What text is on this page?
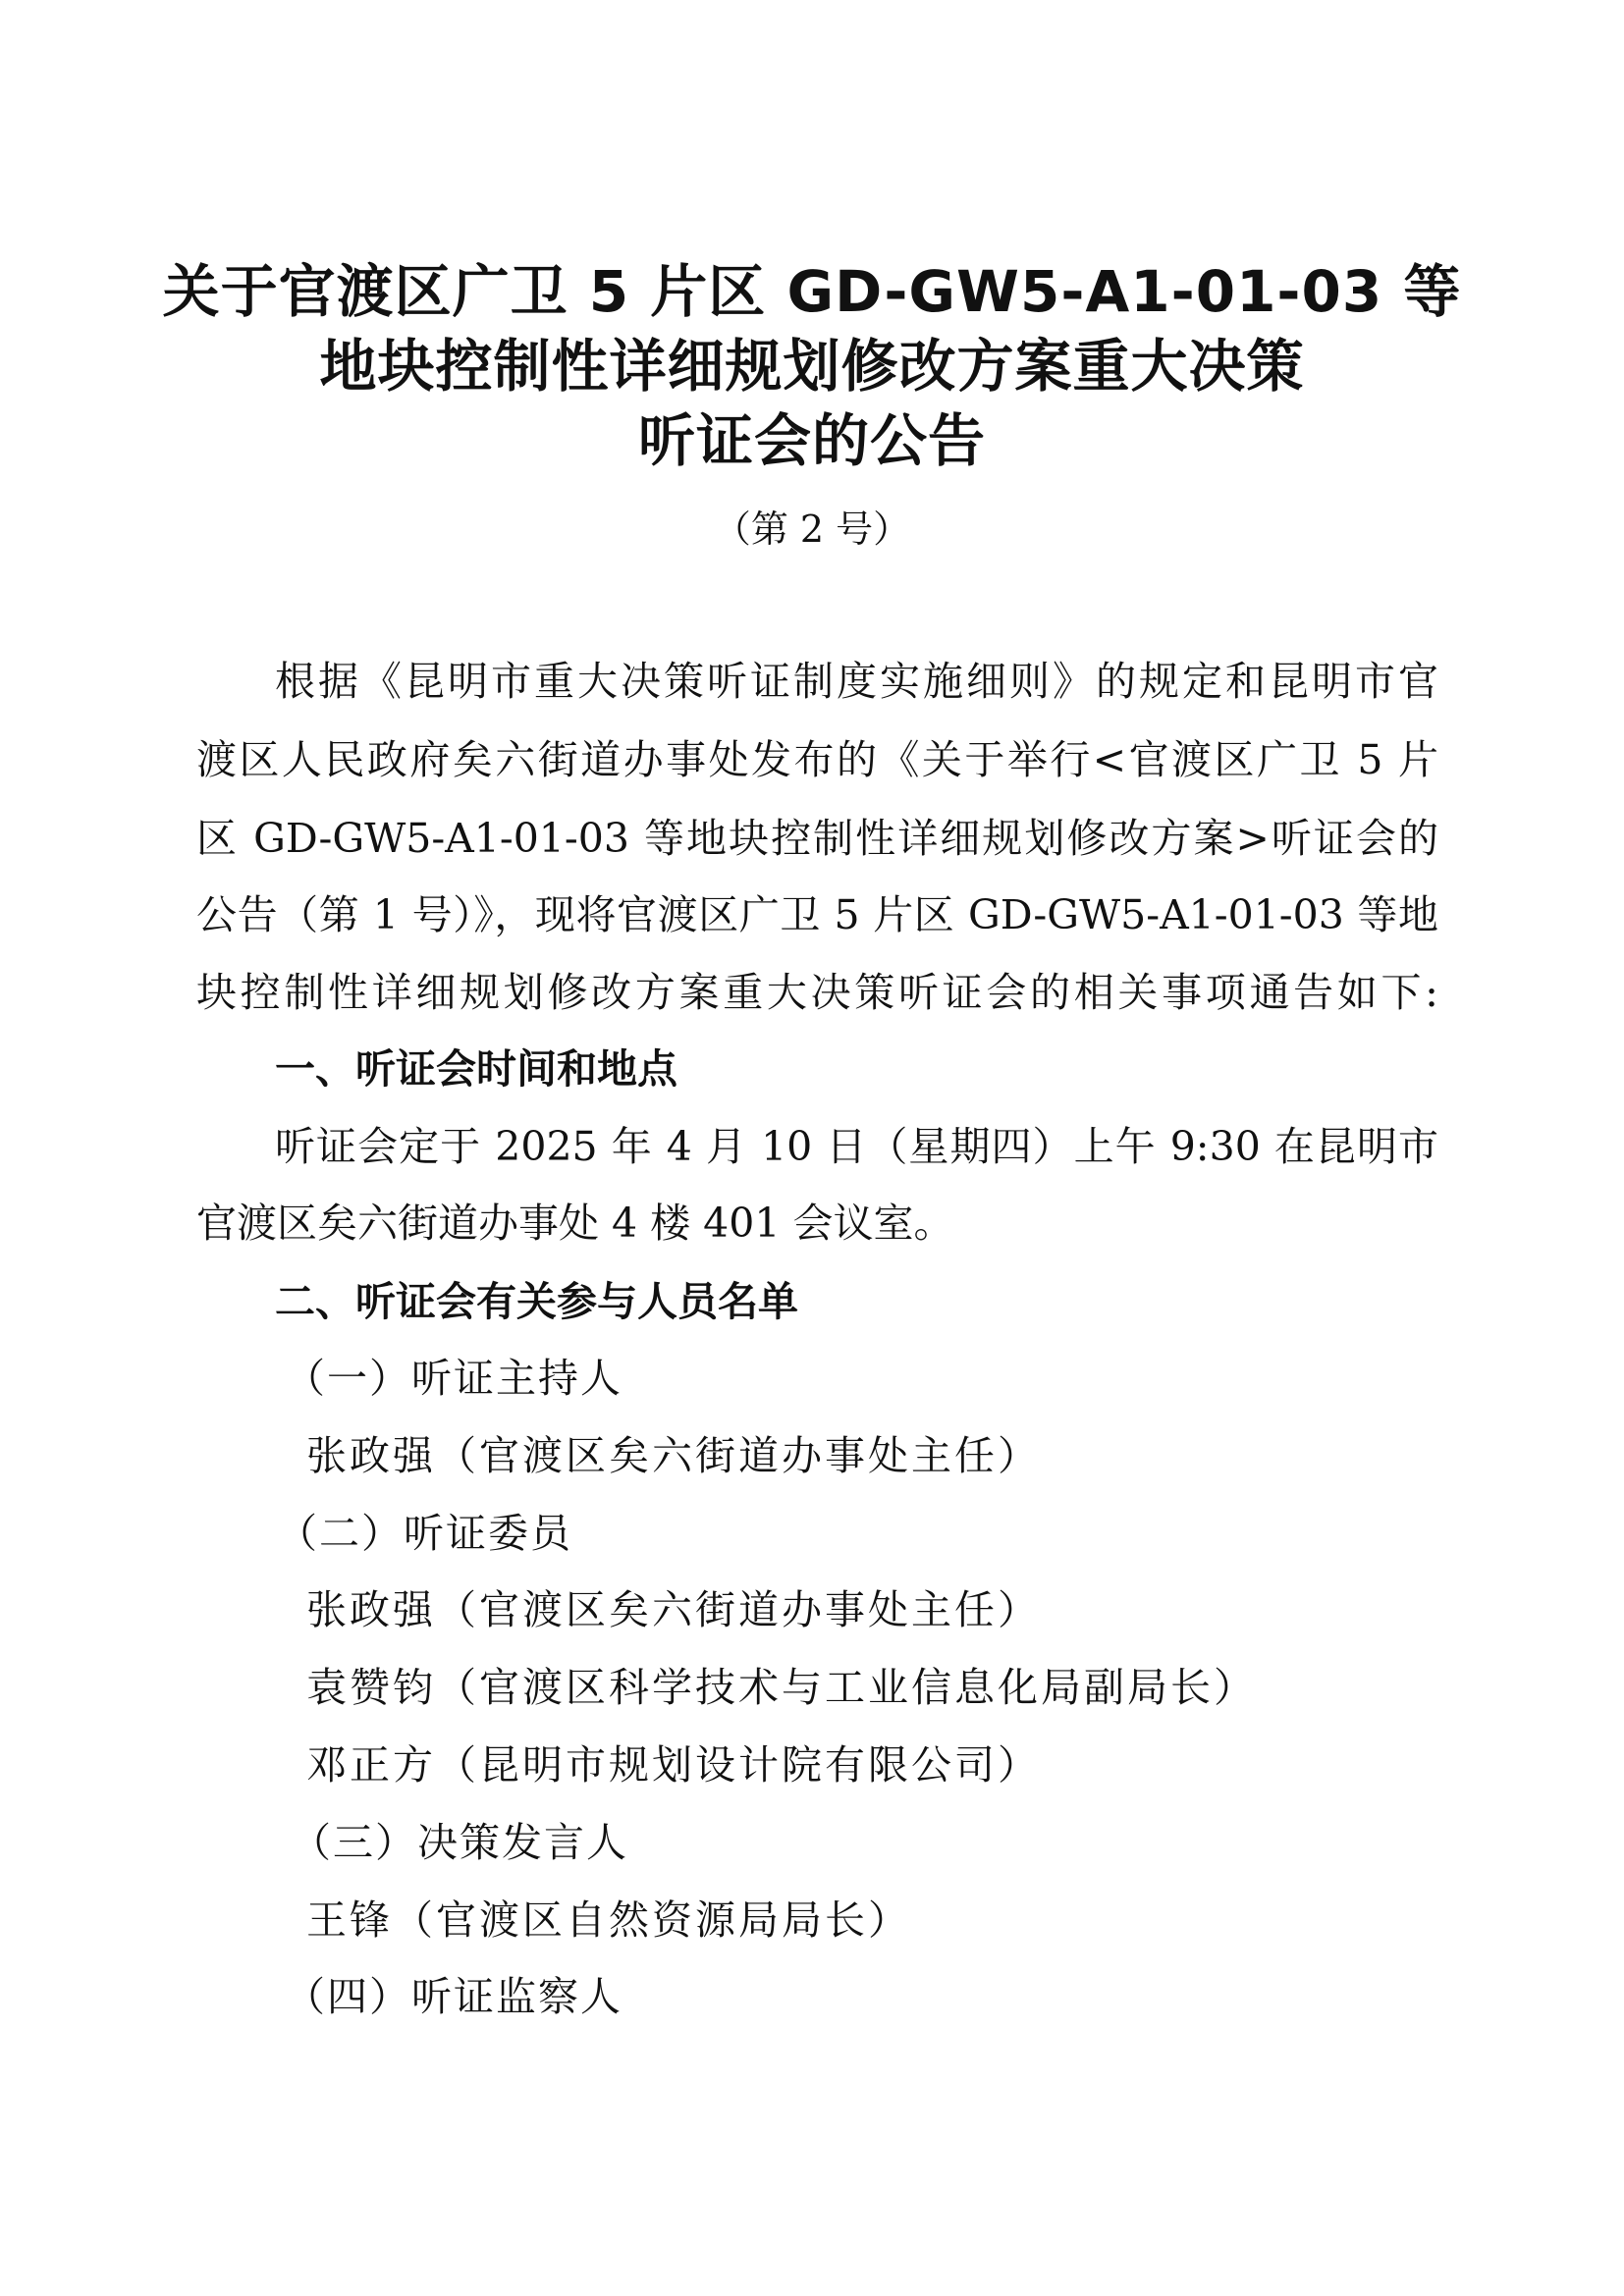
关于官渡区广卫 5 片区 GD-GW5-A1-01-03 等
地块控制性详细规划修改方案重大决策
听证会的公告
（第 2 号）
根据《昆明市重大决策听证制度实施细则》的规定和昆明市官
渡区人民政府矣六街道办事处发布的《关于举行<官渡区广卫 5 片
区 GD-GW5-A1-01-03 等地块控制性详细规划修改方案>听证会的
公告（第 1 号）》，现将官渡区广卫 5 片区 GD-GW5-A1-01-03 等地
块控制性详细规划修改方案重大决策听证会的相关事项通告如下:
一、听证会时间和地点
听证会定于 2025 年 4 月 10 日（星期四）上午 9:30 在昆明市
官渡区矣六街道办事处 4 楼 401 会议室。
二、听证会有关参与人员名单
（一）听证主持人
张政强（官渡区矣六街道办事处主任）
（二）听证委员
张政强（官渡区矣六街道办事处主任）
袁赞钧（官渡区科学技术与工业信息化局副局长）
邓正方（昆明市规划设计院有限公司）
（三）决策发言人
王锋（官渡区自然资源局局长）
（四）听证监察人
